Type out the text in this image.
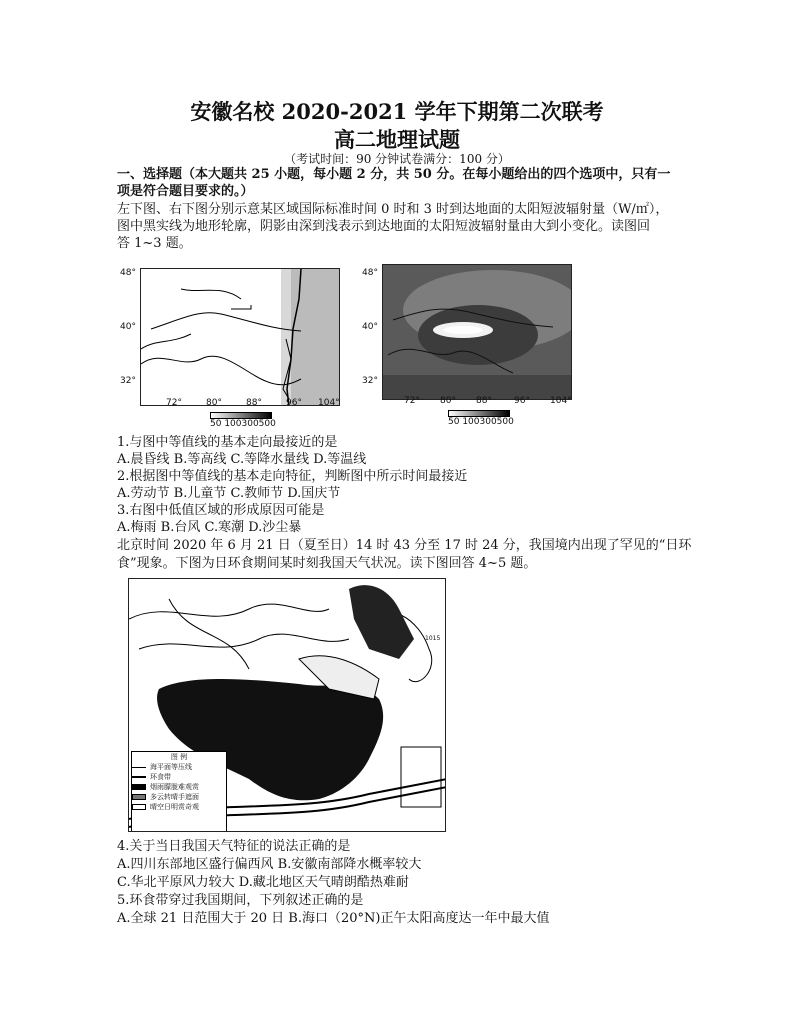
安徽名校 2020-2021 学年下期第二次联考
高二地理试题
（考试时间：90 分钟试卷满分：100 分）
一、选择题（本大题共 25 小题，每小题 2 分，共 50 分。在每小题给出的四个选项中，只有一
项是符合题目要求的。）
左下图、右下图分别示意某区域国际标准时间 0 时和 3 时到达地面的太阳短波辐射量（W/㎡），
图中黑实线为地形轮廓，阴影由深到浅表示到达地面的太阳短波辐射量由大到小变化。读图回
答 1~3 题。
48°
40°
32°
72°	80°	88°	96° 104°
50 100300500
48°
40°
32°
72° 80° 88° 96° 104°
50 100300500
1.与图中等值线的基本走向最接近的是
A.晨昏线 B.等高线 C.等降水量线 D.等温线
2.根据图中等值线的基本走向特征，判断图中所示时间最接近
A.劳动节 B.儿童节 C.教师节 D.国庆节
3.右图中低值区域的形成原因可能是
A.梅雨 B.台风 C.寒潮 D.沙尘暴
北京时间 2020 年 6 月 21 日（夏至日）14 时 43 分至 17 时 24 分，我国境内出现了罕见的“日环
食”现象。下图为日环食期间某时刻我国天气状况。读下图回答 4~5 题。
1015
图 例
海平面等压线
环食带
烟雨朦胧难观赏
多云转晴手遮面
晴空日明赏奇观
4.关于当日我国天气特征的说法正确的是
A.四川东部地区盛行偏西风 B.安徽南部降水概率较大
C.华北平原风力较大 D.藏北地区天气晴朗酷热难耐
5.环食带穿过我国期间，下列叙述正确的是
A.全球 21 日范围大于 20 日 B.海口（20°N)正午太阳高度达一年中最大值
